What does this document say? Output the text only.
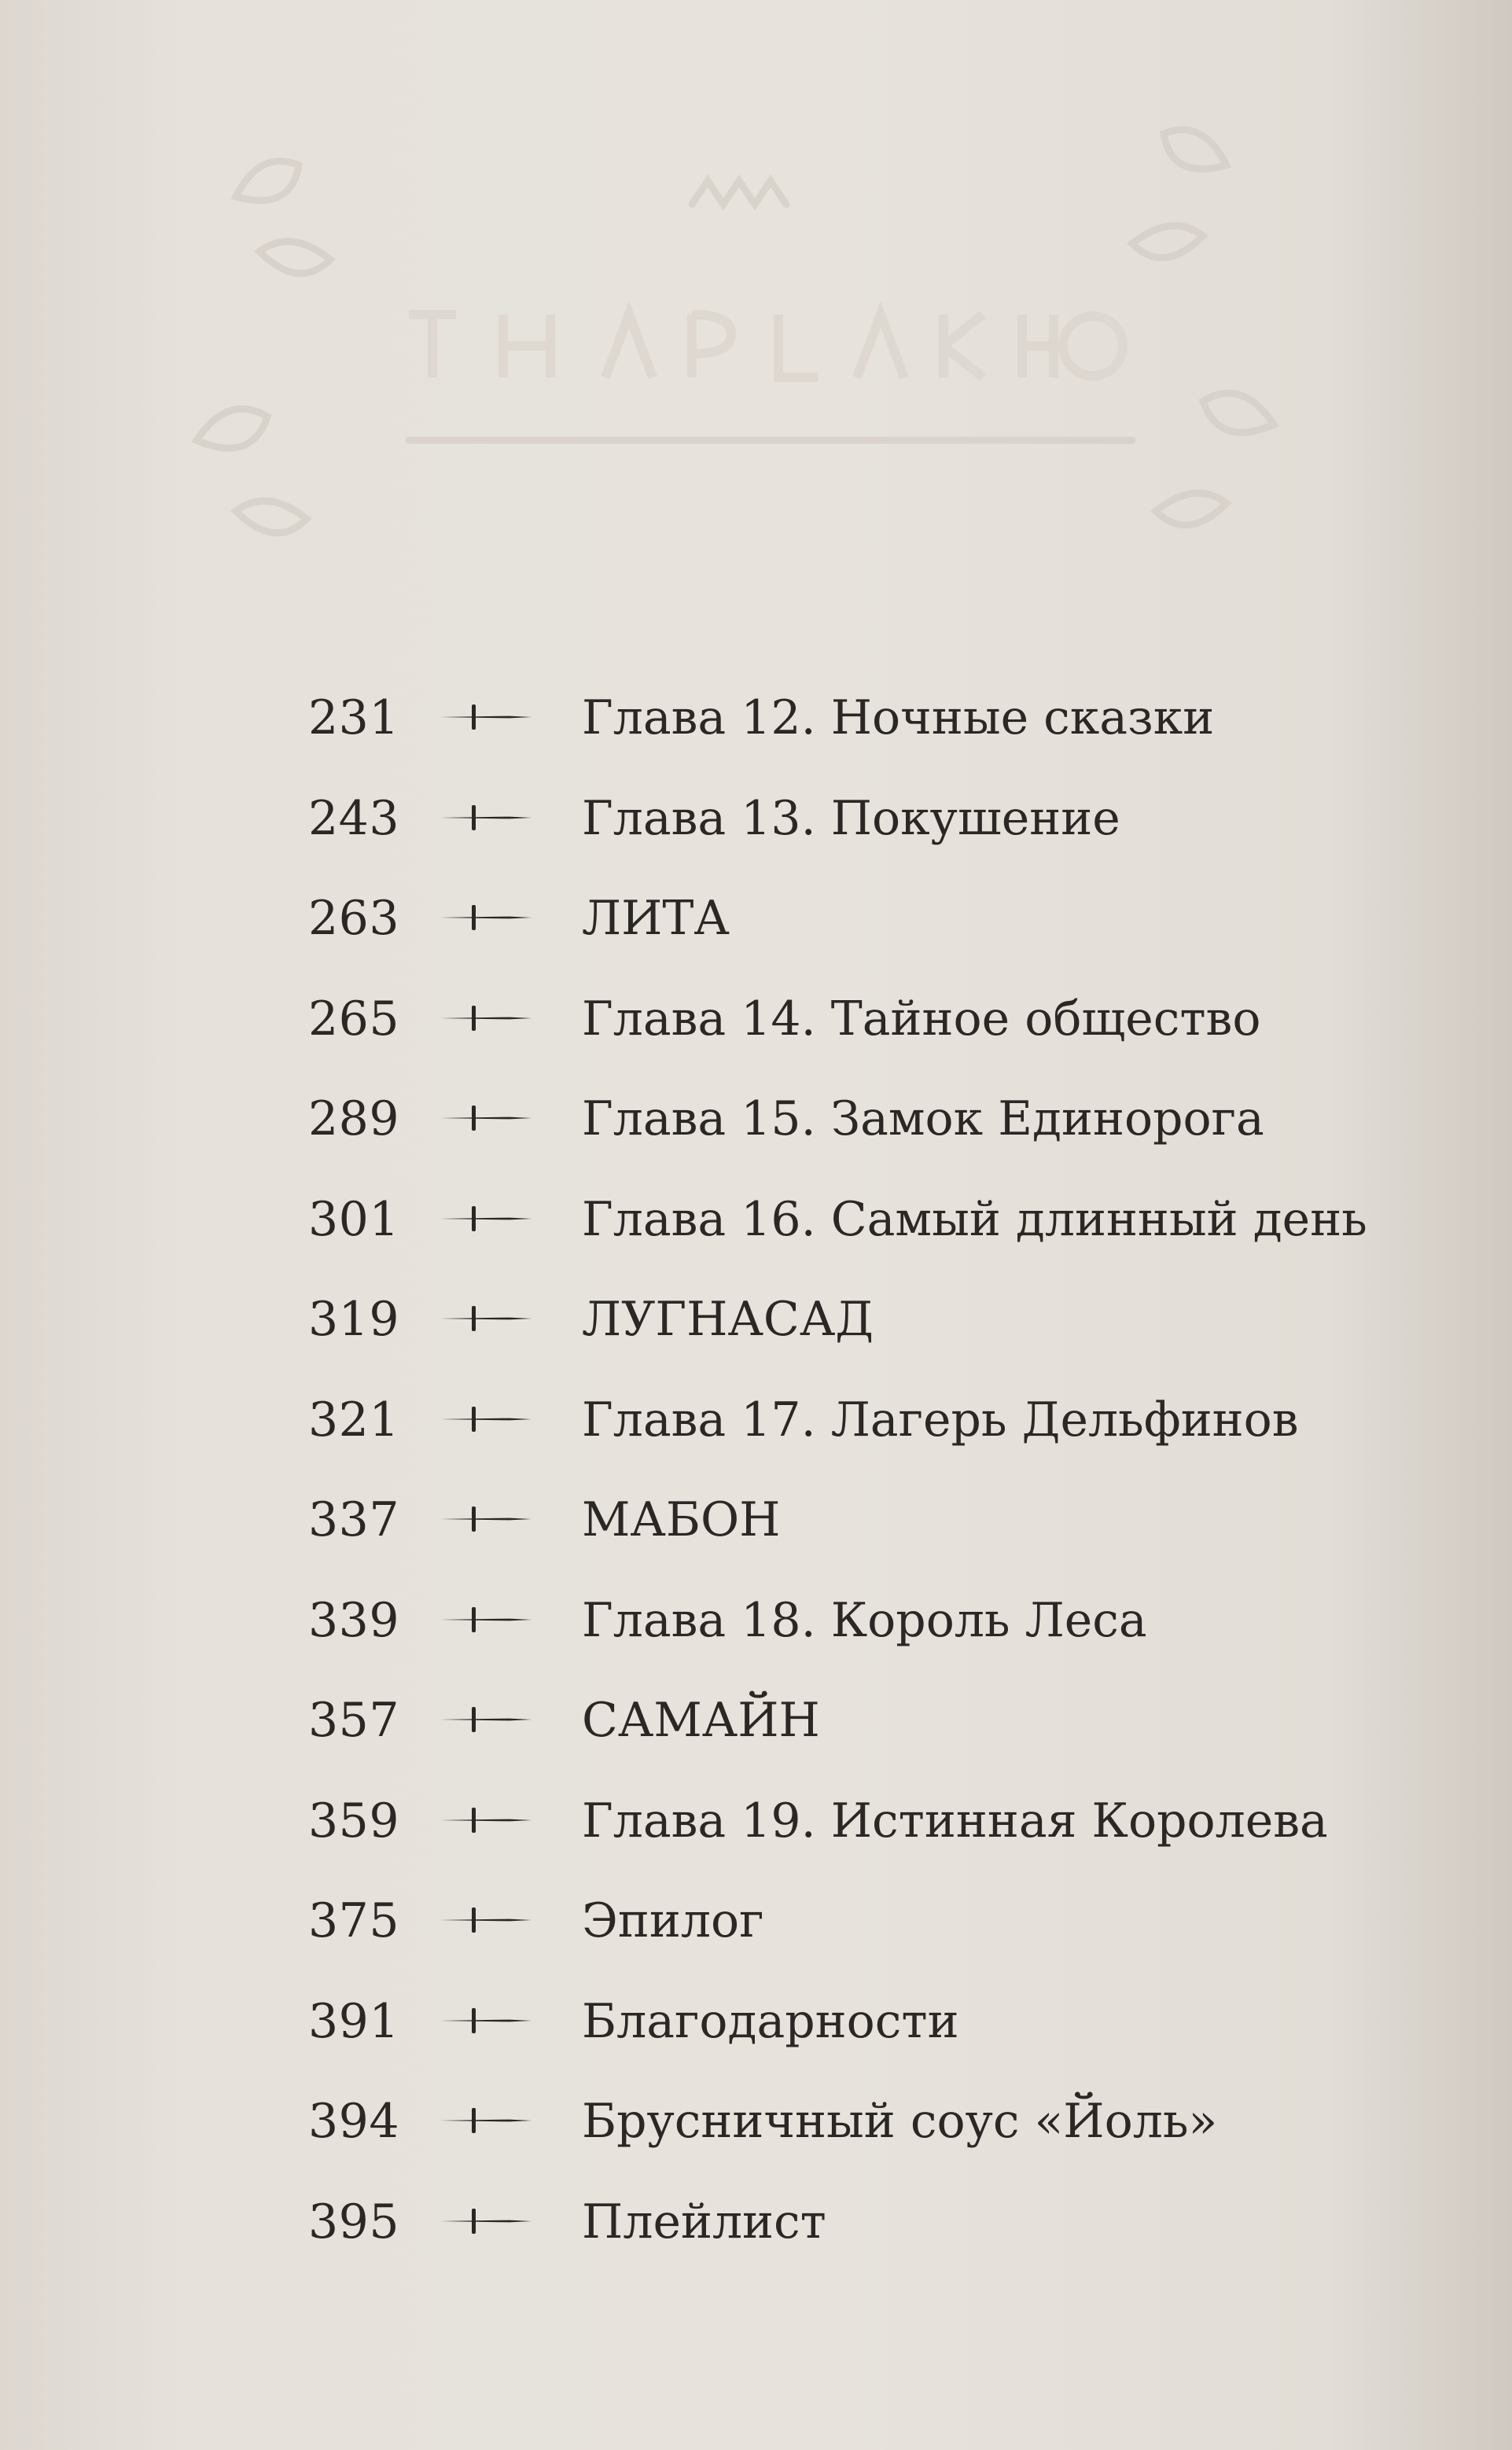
231	Глава 12. Ночные сказки
243	Глава 13. Покушение
263	ЛИТА
265	Глава 14. Тайное общество
289	Глава 15. Замок Единорога
301	Глава 16. Самый длинный день
319	ЛУГНАСАД
321	Глава 17. Лагерь Дельфинов
337	МАБОН
339	Глава 18. Король Леса
357	САМАЙН
359	Глава 19. Истинная Королева
375	Эпилог
391	Благодарности
394	Брусничный соус «Йоль»
395	Плейлист
